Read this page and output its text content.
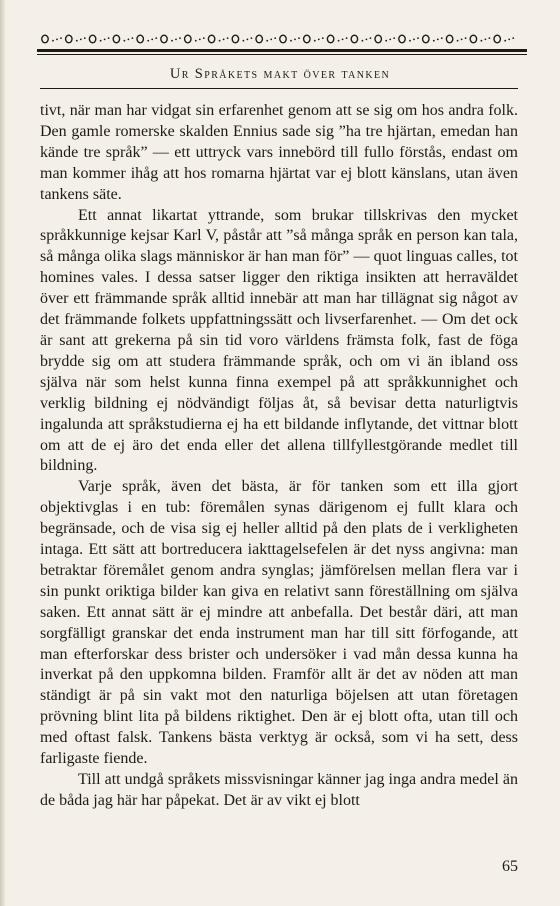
Ur Språkets makt över tanken

tivt, när man har vidgat sin erfarenhet genom att se sig om hos andra folk. Den gamle romerske skalden Ennius sade sig ”ha tre hjärtan, emedan han kände tre språk” — ett uttryck vars innebörd till fullo förstås, endast om man kommer ihåg att hos romarna hjärtat var ej blott känslans, utan även tankens säte.

Ett annat likartat yttrande, som brukar tillskrivas den mycket språkkunnige kejsar Karl V, påstår att ”så många språk en person kan tala, så många olika slags människor är han man för” — quot linguas calles, tot homines vales. I dessa satser ligger den riktiga insikten att herraväldet över ett främmande språk alltid innebär att man har tillägnat sig något av det främmande folkets uppfattningssätt och livserfarenhet. — Om det ock är sant att grekerna på sin tid voro världens främsta folk, fast de föga brydde sig om att studera främmande språk, och om vi än ibland oss själva när som helst kunna finna exempel på att språkkunnighet och verklig bildning ej nödvändigt följas åt, så bevisar detta naturligtvis ingalunda att språkstudierna ej ha ett bildande inflytande, det vittnar blott om att de ej äro det enda eller det allena tillfyllestgörande medlet till bildning.

Varje språk, även det bästa, är för tanken som ett illa gjort objektivglas i en tub: föremålen synas därigenom ej fullt klara och begränsade, och de visa sig ej heller alltid på den plats de i verkligheten intaga. Ett sätt att bortreducera iakttagelsefelen är det nyss angivna: man betraktar föremålet genom andra synglas; jämförelsen mellan flera var i sin punkt oriktiga bilder kan giva en relativt sann föreställning om själva saken. Ett annat sätt är ej mindre att anbefalla. Det består däri, att man sorgfälligt granskar det enda instrument man har till sitt förfogande, att man efterforskar dess brister och undersöker i vad mån dessa kunna ha inverkat på den uppkomna bilden. Framför allt är det av nöden att man ständigt är på sin vakt mot den naturliga böjelsen att utan företagen prövning blint lita på bildens riktighet. Den är ej blott ofta, utan till och med oftast falsk. Tankens bästa verktyg är också, som vi ha sett, dess farligaste fiende.

Till att undgå språkets missvisningar känner jag inga andra medel än de båda jag här har påpekat. Det är av vikt ej blott

65
